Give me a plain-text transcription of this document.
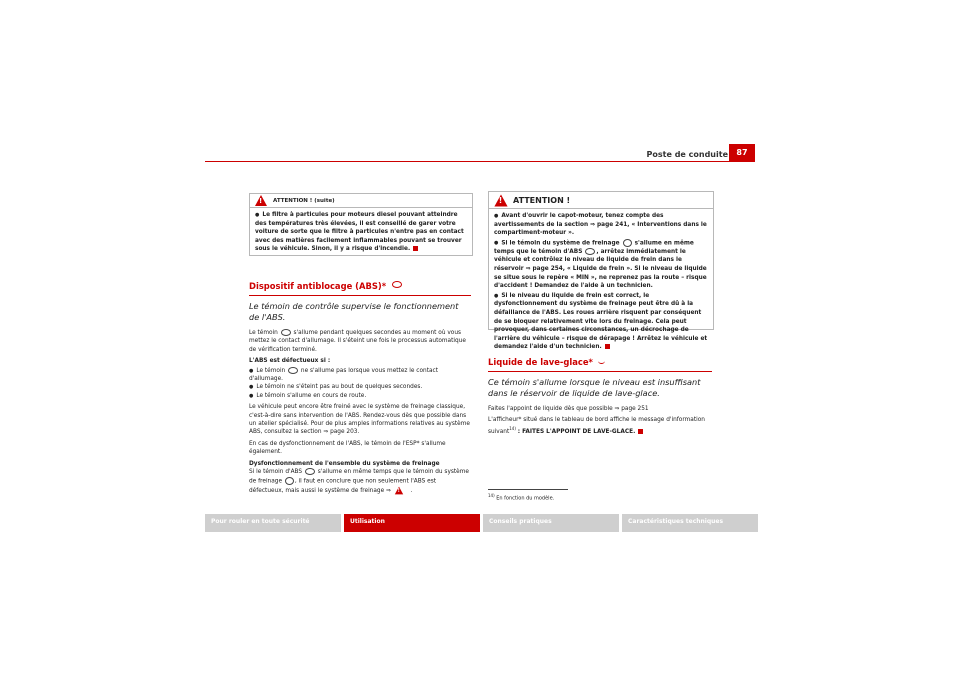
Poste de conduite	87
!
ATTENTION ! (suite)

● Le filtre à particules pour moteurs diesel pouvant atteindre des températures très élevées, il est conseillé de garer votre voiture de sorte que le filtre à particules n'entre pas en contact avec des matières facilement inflammables pouvant se trouver sous le véhicule. Sinon, il y a risque d'incendie.

Dispositif antiblocage (ABS)*
Le témoin de contrôle supervise le fonctionnement de l'ABS.

Le témoin	s'allume pendant quelques secondes au moment où vous mettez le contact d'allumage. Il s'éteint une fois le processus automatique de vérification terminé.

L'ABS est défectueux si :

● Le témoin	ne s'allume pas lorsque vous mettez le contact d'allumage.

● Le témoin ne s'éteint pas au bout de quelques secondes.

● Le témoin s'allume en cours de route.

Le véhicule peut encore être freiné avec le système de freinage classique, c'est-à-dire sans intervention de l'ABS. Rendez-vous dès que possible dans un atelier spécialisé. Pour de plus amples informations relatives au système ABS, consultez la section ⇒ page 203.

En cas de dysfonctionnement de l'ABS, le témoin de l'ESP* s'allume également.

Dysfonctionnement de l'ensemble du système de freinage

Si le témoin d'ABS	s'allume en même temps que le témoin du système de freinage , il faut en conclure que non seulement l'ABS est défectueux, mais aussi le système de freinage ⇒ !	.

!
ATTENTION !

● Avant d'ouvrir le capot-moteur, tenez compte des avertissements de la section ⇒ page 241, « Interventions dans le compartiment-moteur ».

● Si le témoin du système de freinage	s'allume en même temps que le témoin d'ABS , arrêtez immédiatement le véhicule et contrôlez le niveau de liquide de frein dans le réservoir ⇒ page 254, « Liquide de frein ». Si le niveau de liquide se situe sous le repère « MIN », ne reprenez pas la route – risque d'accident ! Demandez de l'aide à un technicien.

● Si le niveau du liquide de frein est correct, le dysfonctionnement du système de freinage peut être dû à la défaillance de l'ABS. Les roues arrière risquent par conséquent de se bloquer relativement vite lors du freinage. Cela peut provoquer, dans certaines circonstances, un décrochage de l'arrière du véhicule – risque de dérapage ! Arrêtez le véhicule et demandez l'aide d'un technicien.

Liquide de lave-glace*
Ce témoin s'allume lorsque le niveau est insuffisant dans le réservoir de liquide de lave-glace.

Faites l'appoint de liquide dès que possible ⇒ page 251

L'afficheur* situé dans le tableau de bord affiche le message d'information suivant$^{14)}$ : FAITES L'APPOINT DE LAVE-GLACE.

$^{14)}$ En fonction du modèle.
Pour rouler en toute sécurité	Utilisation	Conseils pratiques	Caractéristiques techniques
